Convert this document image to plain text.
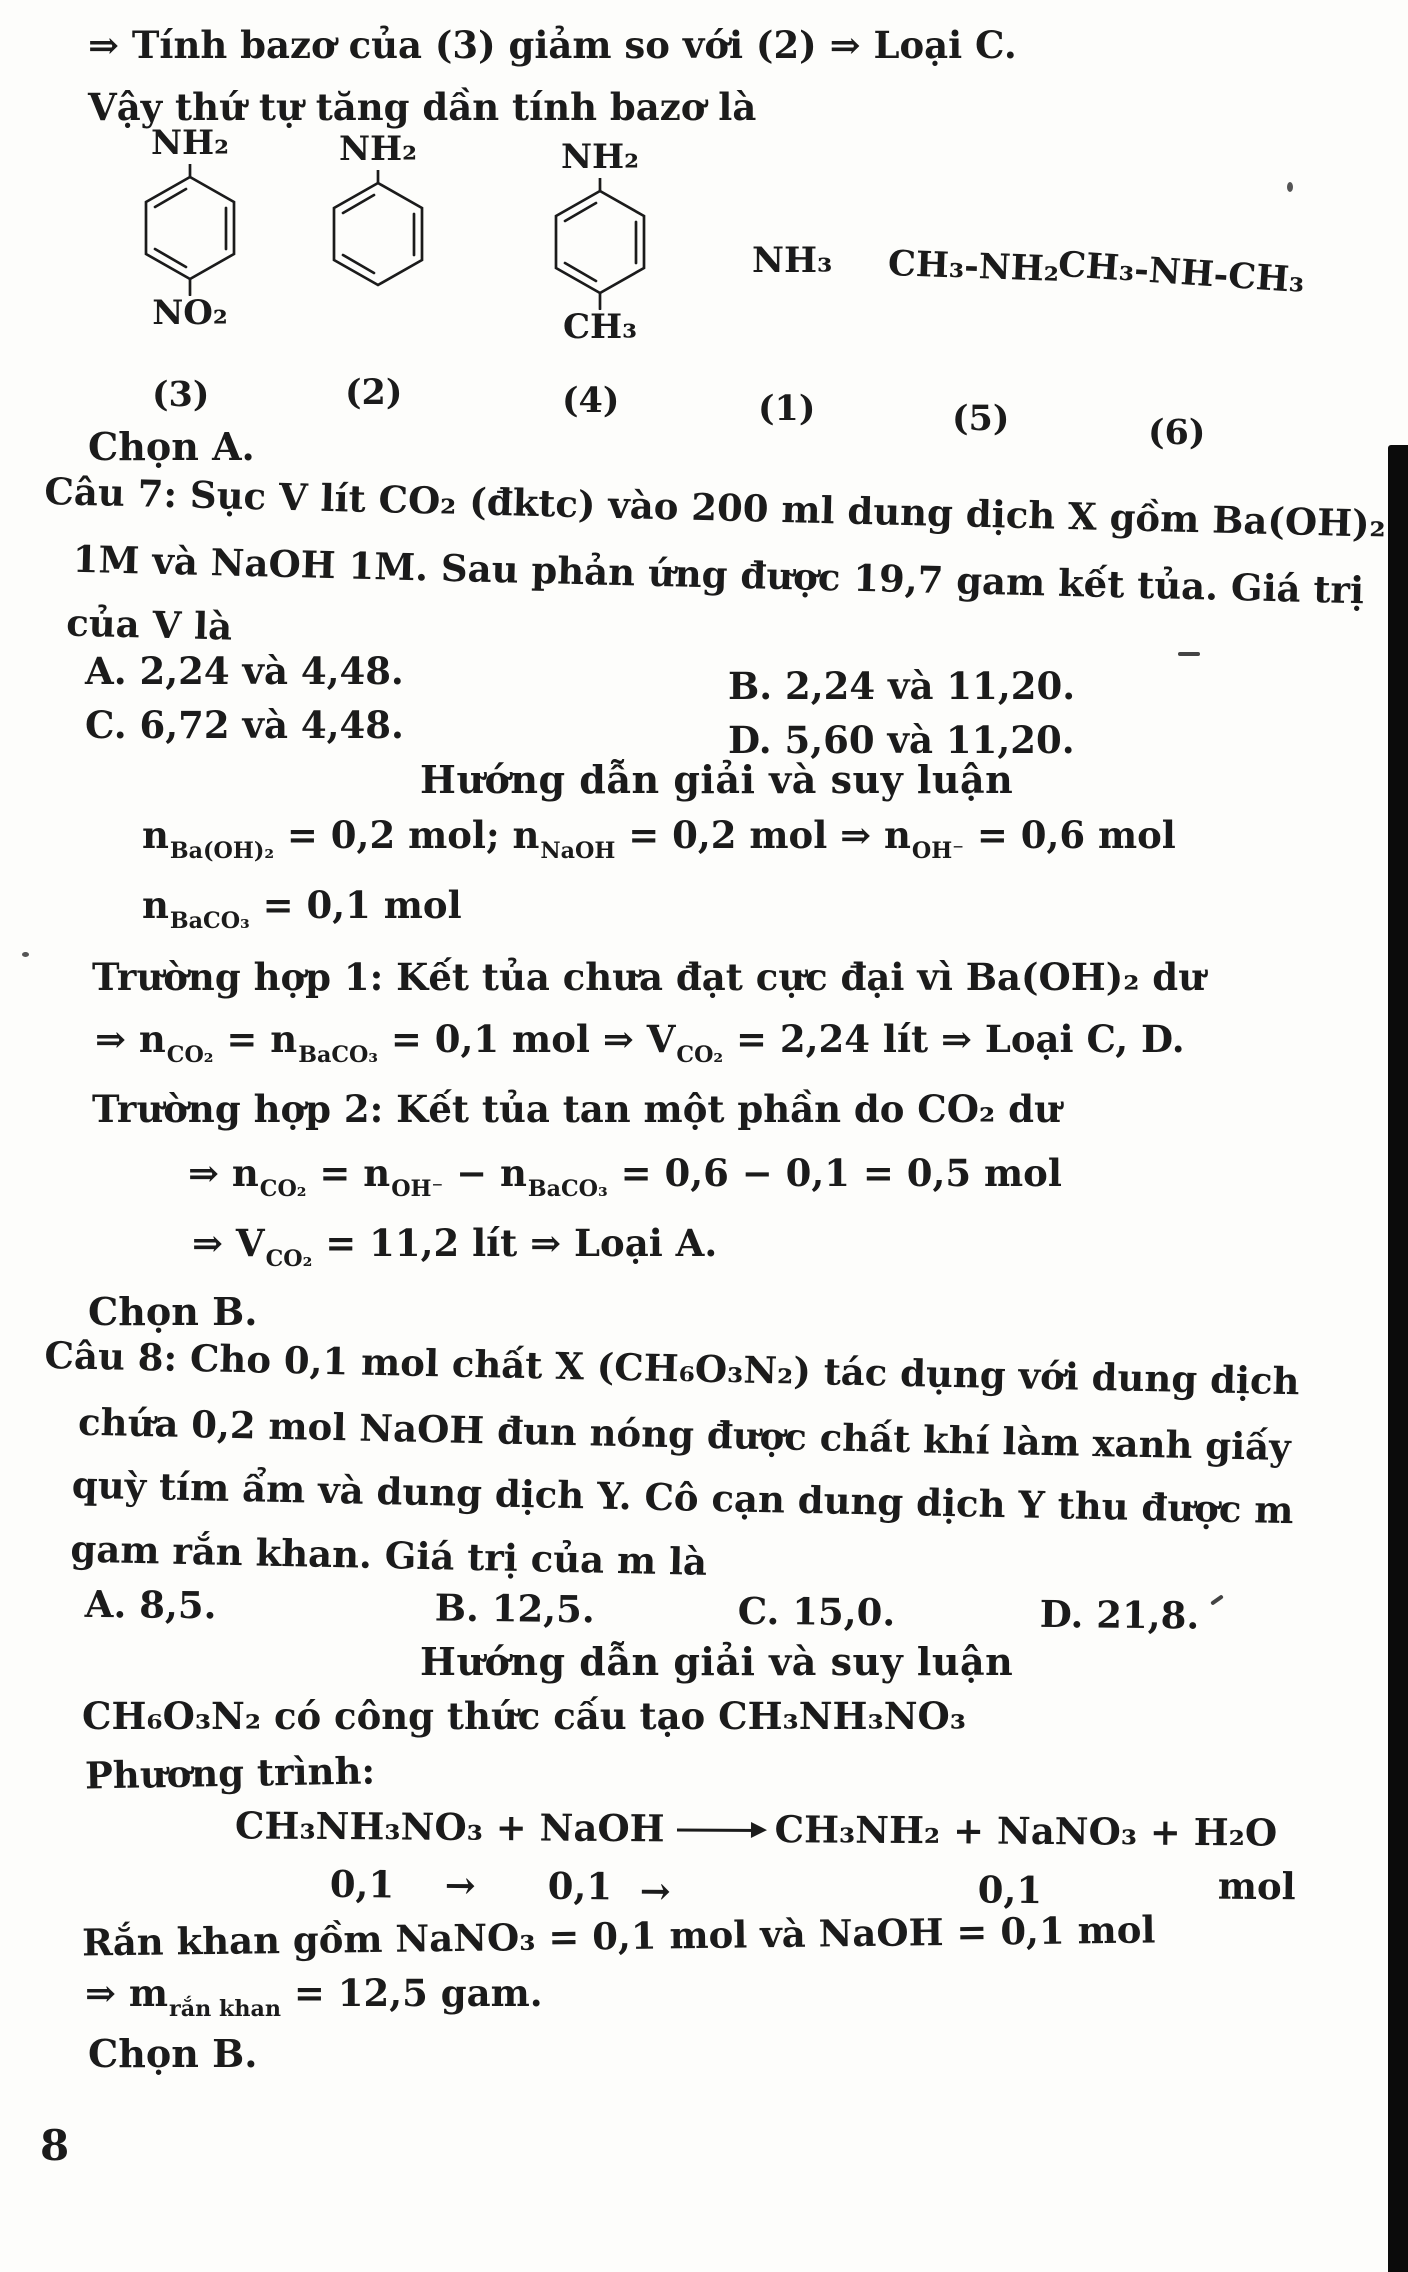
⇒ Tính bazơ của (3) giảm so với (2) ⇒ Loại C.
Vậy thứ tự tăng dần tính bazơ là
NH₂
NO₂
NH₂	NH₂
CH₃
NH₃ CH₃-NH₂
CH₃-NH-CH₃
(3)	(2)	(4)	(1)	(5)	(6)
Chọn A.
Câu 7: Sục V lít CO₂ (đktc) vào 200 ml dung dịch X gồm Ba(OH)₂
1M và NaOH 1M. Sau phản ứng được 19,7 gam kết tủa. Giá trị
của V là
A. 2,24 và 4,48.	B. 2,24 và 11,20.
C. 6,72 và 4,48.	D. 5,60 và 11,20.
Hướng dẫn giải và suy luận
$n_{Ba(OH)_2} = 0,2$ mol; $n_{NaOH} = 0,2$ mol ⇒ $n_{OH^-} = 0,6$ mol
$n_{BaCO_3} = 0,1$ mol
Trường hợp 1: Kết tủa chưa đạt cực đại vì Ba(OH)₂ dư
⇒ $n_{CO_2} = n_{BaCO_3} = 0,1$ mol ⇒ $V_{CO_2} = 2,24$ lít ⇒ Loại C, D.
Trường hợp 2: Kết tủa tan một phần do CO₂ dư
⇒ $n_{CO_2} = n_{OH^-} - n_{BaCO_3} = 0,6 - 0,1 = 0,5$ mol
⇒ $V_{CO_2} = 11,2$ lít ⇒ Loại A.
Chọn B.
Câu 8: Cho 0,1 mol chất X (CH₆O₃N₂) tác dụng với dung dịch
chứa 0,2 mol NaOH đun nóng được chất khí làm xanh giấy
quỳ tím ẩm và dung dịch Y. Cô cạn dung dịch Y thu được m
gam rắn khan. Giá trị của m là
A. 8,5.	B. 12,5.	C. 15,0.	D. 21,8.
Hướng dẫn giải và suy luận
CH₆O₃N₂ có công thức cấu tạo CH₃NH₃NO₃
Phương trình:
CH₃NH₃NO₃ + NaOH	CH₃NH₂ + NaNO₃ + H₂O
0,1 → 0,1 →	0,1	mol
Rắn khan gồm NaNO₃ = 0,1 mol và NaOH = 0,1 mol
⇒ $m_{rắn khan} = 12,5$ gam.
Chọn B.
8
